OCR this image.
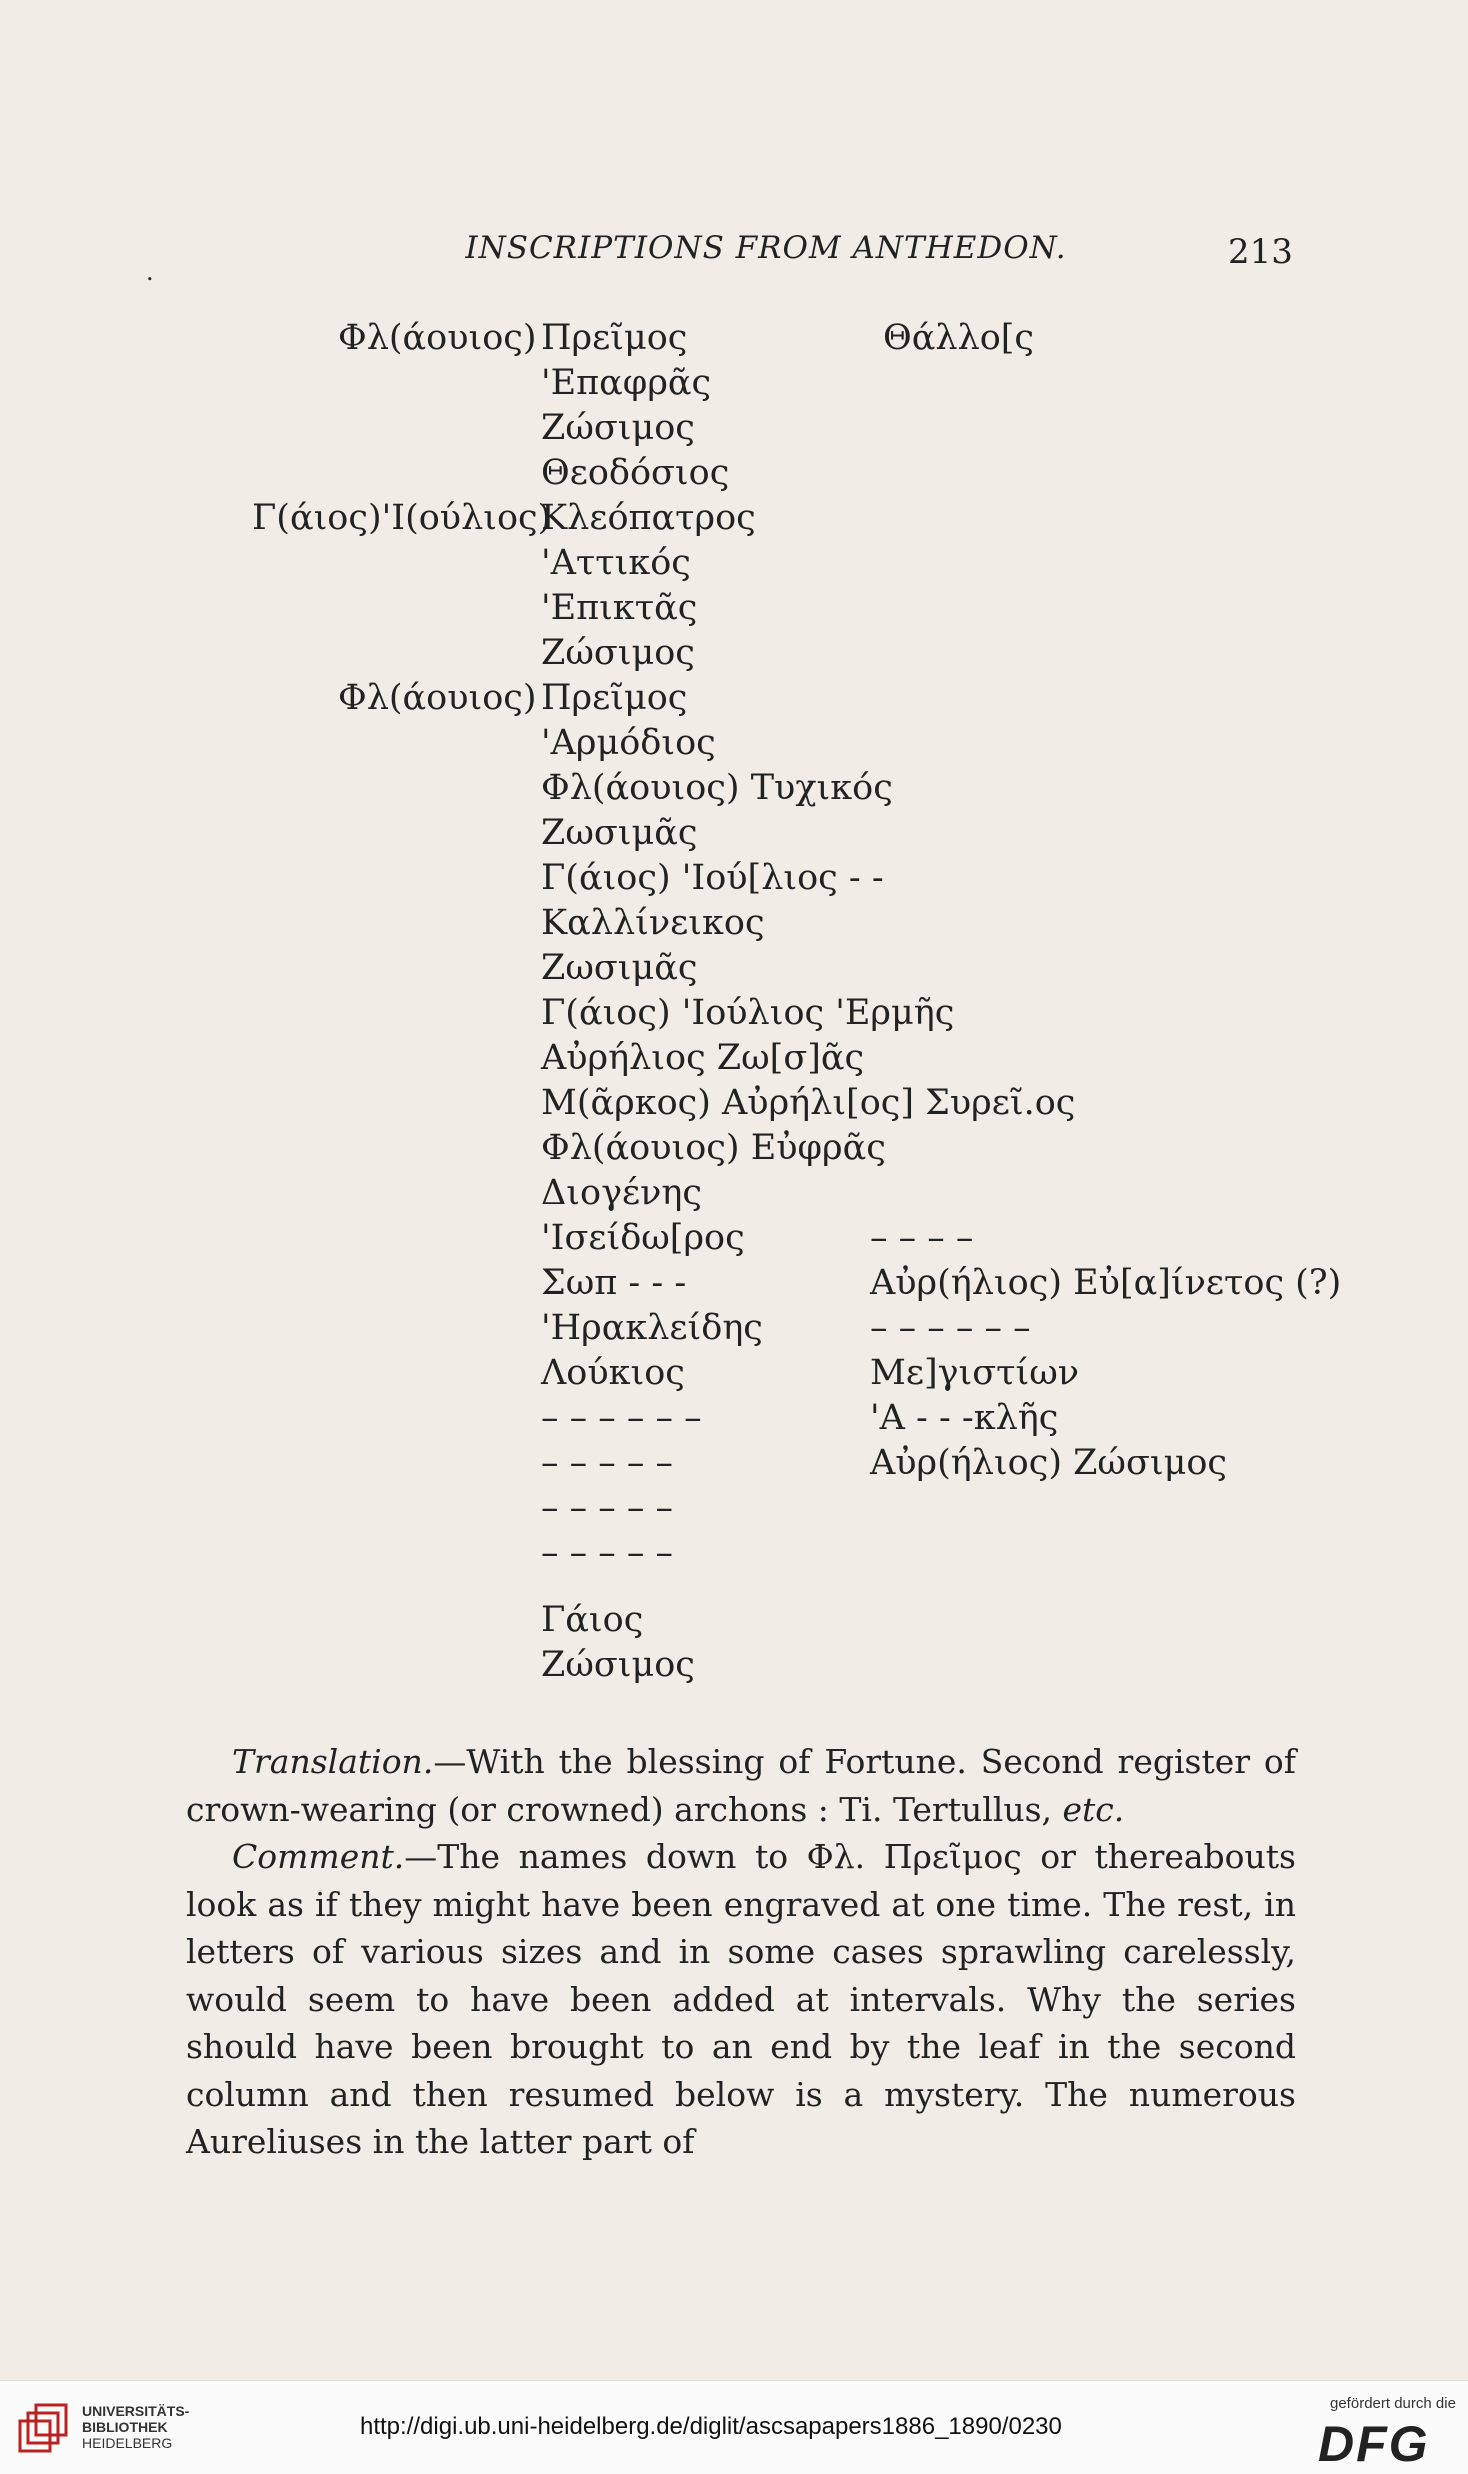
.
INSCRIPTIONS FROM ANTHEDON.	213
Φλ(άουιος)
Γ(άιος)'Ι(ούλιος)
Φλ(άουιος)
Πρεῖμος
'Επαφρᾶς
Ζώσιμος
Θεοδόσιος
Κλεόπατρος
'Αττικός
'Επικτᾶς
Ζώσιμος
Πρεῖμος
'Αρμόδιος
Φλ(άουιος) Τυχικός
Ζωσιμᾶς
Γ(άιος) 'Ιού[λιος - -
Καλλίνεικος
Ζωσιμᾶς
Γ(άιος) 'Ιούλιος 'Ερμῆς
Αὐρήλιος Ζω[σ]ᾶς
Μ(ᾶρκος) Αὐρήλι[ος] Συρεῖ.ος
Φλ(άουιος) Εὐφρᾶς
Διογένης
'Ισείδω[ρος
Σωπ - - -
'Ηρακλείδης
Λούκιος
– – – – – –
– – – – –
– – – – –
– – – – –
Γάιος
Ζώσιμος
Θάλλο[ς
– – – –
Αὐρ(ήλιος) Εὐ[α]ίνετος (?)
– – – – – –
Με]γιστίων
'Α - - -κλῆς
Αὐρ(ήλιος) Ζώσιμος

Translation.—With the blessing of Fortune. Second register of crown-wearing (or crowned) archons : Ti. Tertullus, etc.

Comment.—The names down to Φλ. Πρεῖμος or thereabouts look as if they might have been engraved at one time. The rest, in letters of various sizes and in some cases sprawling carelessly, would seem to have been added at intervals. Why the series should have been brought to an end by the leaf in the second column and then resumed below is a mystery. The numerous Aureliuses in the latter part of

UNIVERSITÄTS-
BIBLIOTHEK
HEIDELBERG
http://digi.ub.uni-heidelberg.de/diglit/ascsapapers1886_1890/0230
gefördert durch die
DFG
